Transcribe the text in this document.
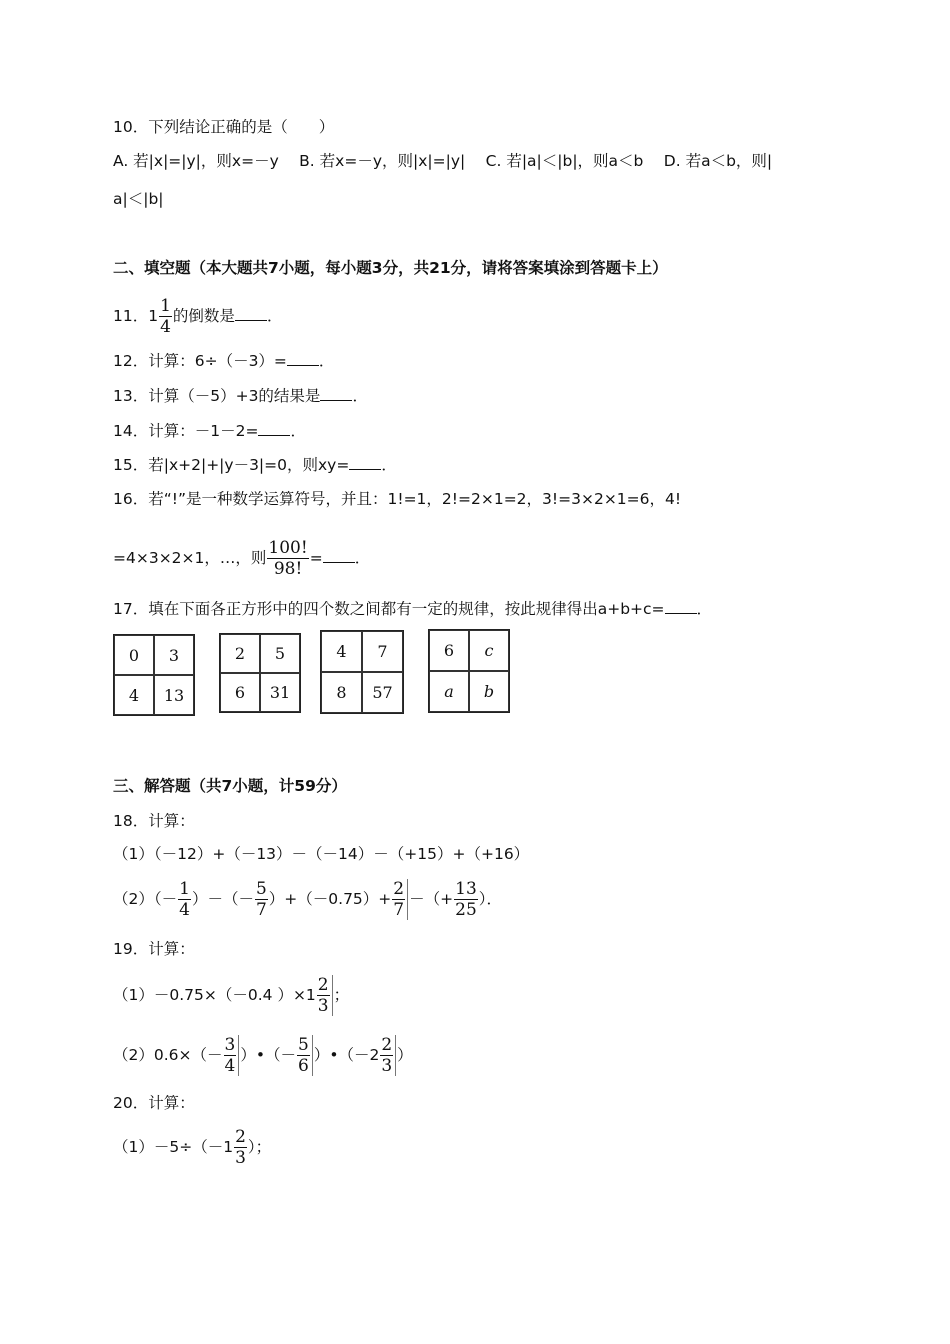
10．下列结论正确的是（　　）
A. 若|x|=|y|，则x=－y　 B. 若x=－y，则|x|=|y|　 C. 若|a|＜|b|，则a＜b　 D. 若a＜b，则|
a|＜|b|
二、填空题（本大题共7小题，每小题3分，共21分，请将答案填涂到答题卡上）
11．$1 \frac{1}{4}$ 的倒数是 ．
12．计算：6÷（－3）= ．
13．计算（－5）+3的结果是 ．
14．计算：－1－2= ．
15．若|x+2|+|y－3|=0，则xy= ．
16．若“!”是一种数学运算符号，并且：1!=1，2!=2×1=2，3!=3×2×1=6，4!
=4×3×2×1，…，则 $\frac{100!}{98!}$ = ．
17．填在下面各正方形中的四个数之间都有一定的规律，按此规律得出a+b+c= ．
0	3
4	13
2	5
6	31
4	7
8	57
6	c
a	b
三、解答题（共7小题，计59分）
18．计算：
（1）（－12）+（－13）－（－14）－（+15）+（+16）
$(2)(- \frac{1}{4}$ ）－（－ $\frac{5}{7} )+(-0.75)+ \frac{2}{7}$ －（+ $\frac{13}{25}$ ）．
19．计算：
（1）－0.75×（－0.4 ）$\times 1 \frac{2}{3}$ ；
$(2)0.6\times(- \frac{3}{4}$ ）•（－ $\frac{5}{6}$ ）•（－2 $\frac{2}{3}$ ）
20．计算：
$(1)-5\div(-1 \frac{2}{3}$ ）；
